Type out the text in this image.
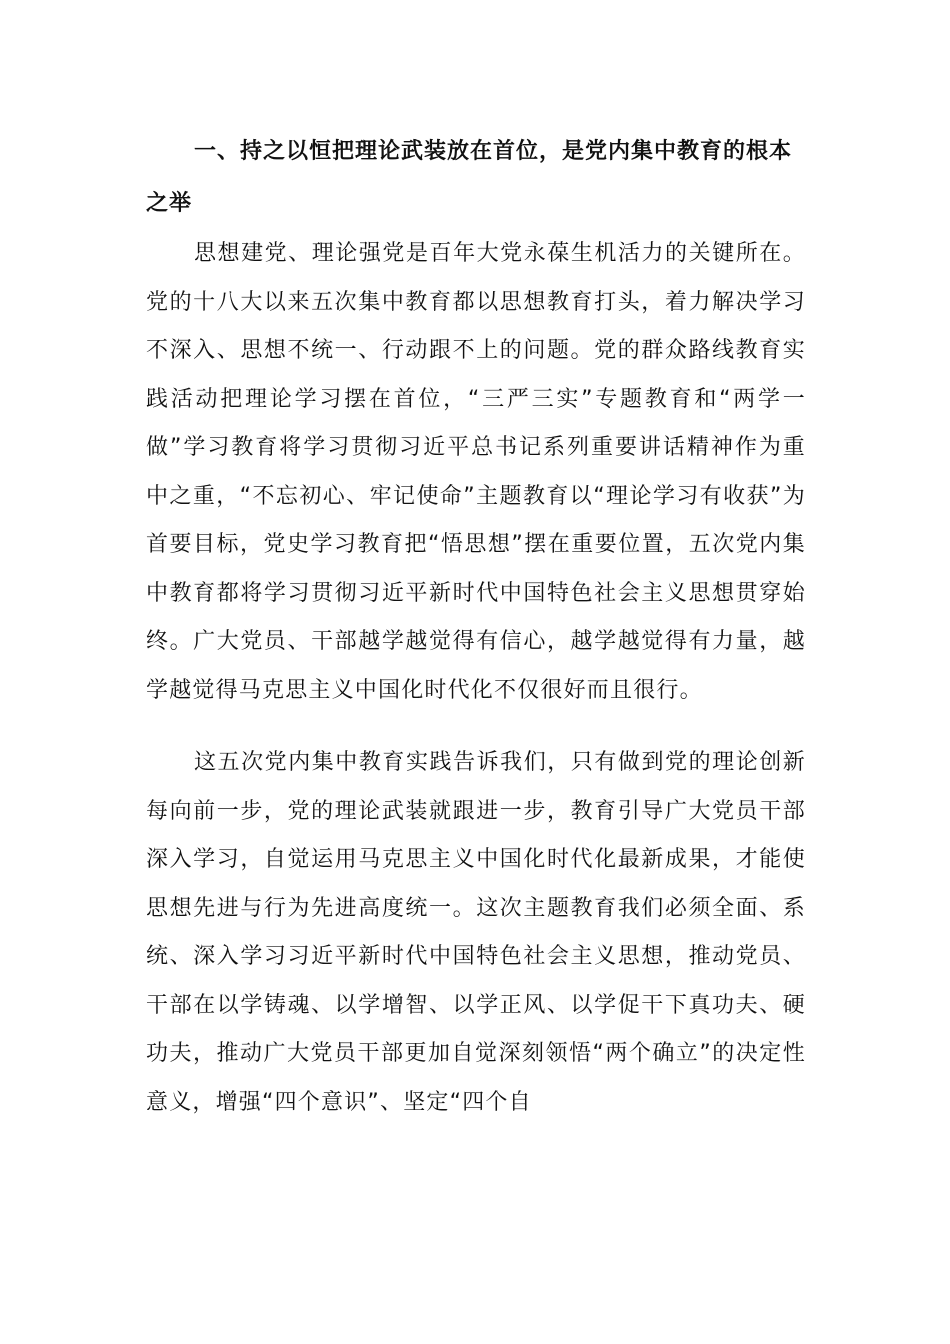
一、持之以恒把理论武装放在首位，是党内集中教育的根本之举

思想建党、理论强党是百年大党永葆生机活力的关键所在。党的十八大以来五次集中教育都以思想教育打头，着力解决学习不深入、思想不统一、行动跟不上的问题。党的群众路线教育实践活动把理论学习摆在首位，“三严三实”专题教育和“两学一做”学习教育将学习贯彻习近平总书记系列重要讲话精神作为重中之重，“不忘初心、牢记使命”主题教育以“理论学习有收获”为首要目标，党史学习教育把“悟思想”摆在重要位置，五次党内集中教育都将学习贯彻习近平新时代中国特色社会主义思想贯穿始终。广大党员、干部越学越觉得有信心，越学越觉得有力量，越学越觉得马克思主义中国化时代化不仅很好而且很行。

这五次党内集中教育实践告诉我们，只有做到党的理论创新每向前一步，党的理论武装就跟进一步，教育引导广大党员干部深入学习，自觉运用马克思主义中国化时代化最新成果，才能使思想先进与行为先进高度统一。这次主题教育我们必须全面、系统、深入学习习近平新时代中国特色社会主义思想，推动党员、干部在以学铸魂、以学增智、以学正风、以学促干下真功夫、硬功夫，推动广大党员干部更加自觉深刻领悟“两个确立”的决定性意义，增强“四个意识”、坚定“四个自
